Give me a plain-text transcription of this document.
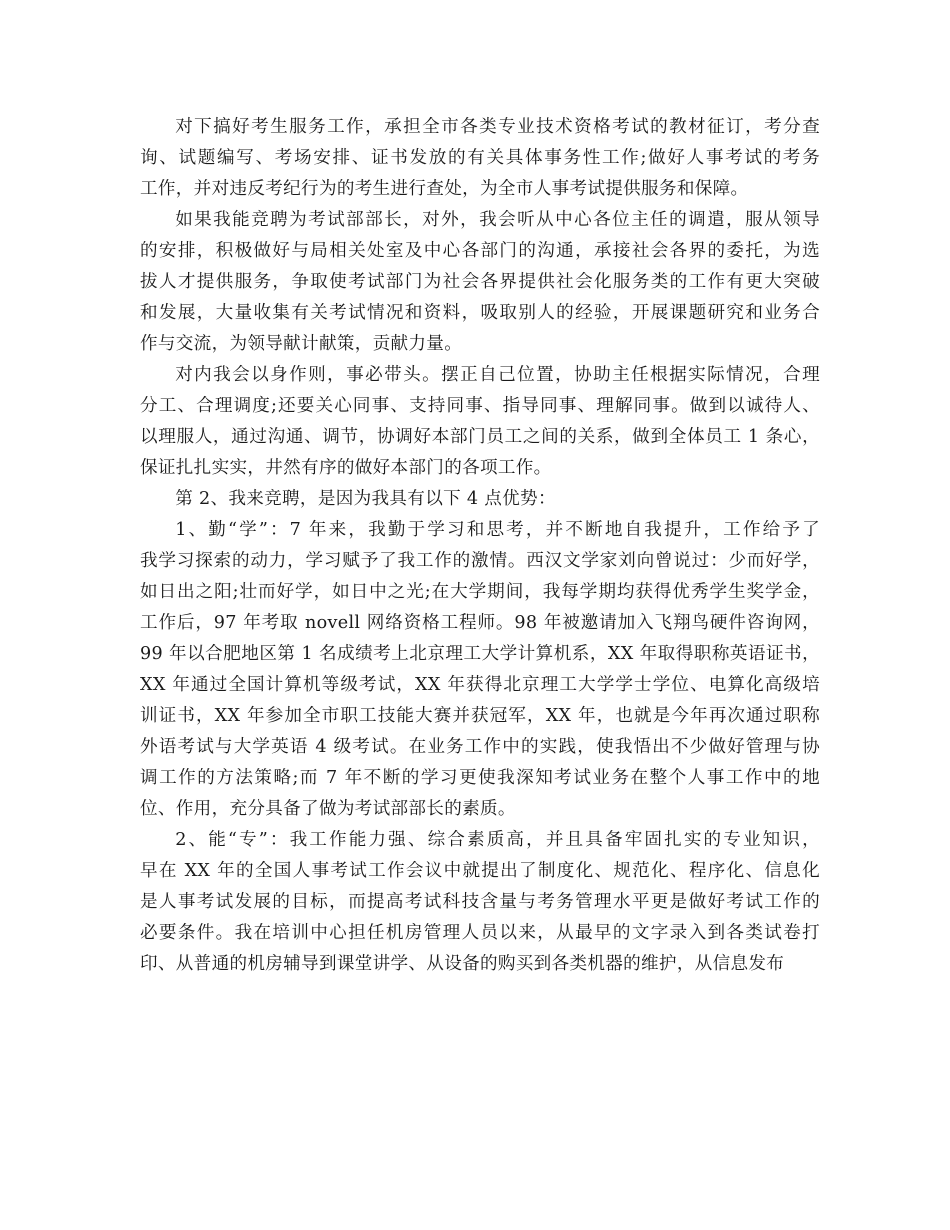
对下搞好考生服务工作，承担全市各类专业技术资格考试的教材征订，考分查
询、试题编写、考场安排、证书发放的有关具体事务性工作;做好人事考试的考务
工作，并对违反考纪行为的考生进行查处，为全市人事考试提供服务和保障。
如果我能竞聘为考试部部长，对外，我会听从中心各位主任的调遣，服从领导
的安排，积极做好与局相关处室及中心各部门的沟通，承接社会各界的委托，为选
拔人才提供服务，争取使考试部门为社会各界提供社会化服务类的工作有更大突破
和发展，大量收集有关考试情况和资料，吸取别人的经验，开展课题研究和业务合
作与交流，为领导献计献策，贡献力量。
对内我会以身作则，事必带头。摆正自己位置，协助主任根据实际情况，合理
分工、合理调度;还要关心同事、支持同事、指导同事、理解同事。做到以诚待人、
以理服人，通过沟通、调节，协调好本部门员工之间的关系，做到全体员工 1 条心，
保证扎扎实实，井然有序的做好本部门的各项工作。
第 2、我来竞聘，是因为我具有以下 4 点优势：
1、勤“学”：7 年来，我勤于学习和思考，并不断地自我提升，工作给予了
我学习探索的动力，学习赋予了我工作的激情。西汉文学家刘向曾说过：少而好学，
如日出之阳;壮而好学，如日中之光;在大学期间，我每学期均获得优秀学生奖学金，
工作后，97 年考取 novell 网络资格工程师。98 年被邀请加入飞翔鸟硬件咨询网，
99 年以合肥地区第 1 名成绩考上北京理工大学计算机系，XX 年取得职称英语证书，
XX 年通过全国计算机等级考试，XX 年获得北京理工大学学士学位、电算化高级培
训证书，XX 年参加全市职工技能大赛并获冠军，XX 年，也就是今年再次通过职称
外语考试与大学英语 4 级考试。在业务工作中的实践，使我悟出不少做好管理与协
调工作的方法策略;而 7 年不断的学习更使我深知考试业务在整个人事工作中的地
位、作用，充分具备了做为考试部部长的素质。
2、能“专”：我工作能力强、综合素质高，并且具备牢固扎实的专业知识，
早在 XX 年的全国人事考试工作会议中就提出了制度化、规范化、程序化、信息化
是人事考试发展的目标，而提高考试科技含量与考务管理水平更是做好考试工作的
必要条件。我在培训中心担任机房管理人员以来，从最早的文字录入到各类试卷打
印、从普通的机房辅导到课堂讲学、从设备的购买到各类机器的维护，从信息发布
